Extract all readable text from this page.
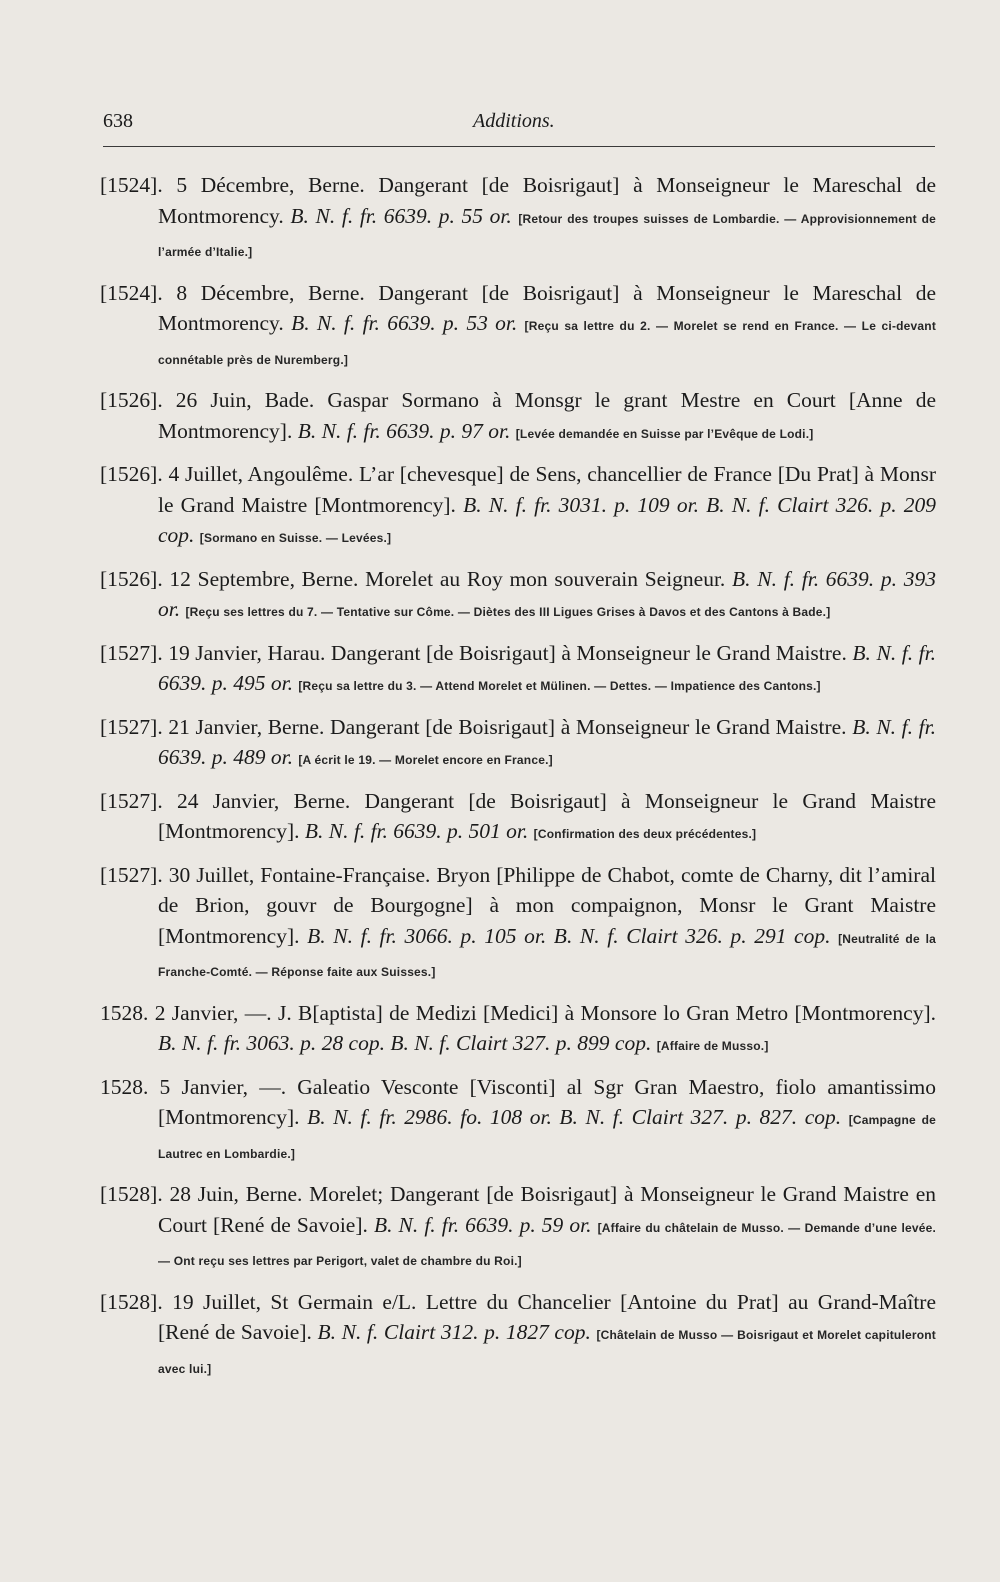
638	Additions.

[1524]. 5 Décembre, Berne. Dangerant [de Boisrigaut] à Monseigneur le Mareschal de Montmorency. B. N. f. fr. 6639. p. 55 or. [Retour des troupes suisses de Lombardie. — Approvisionnement de l’armée d’Italie.]

[1524]. 8 Décembre, Berne. Dangerant [de Boisrigaut] à Monseigneur le Mareschal de Montmorency. B. N. f. fr. 6639. p. 53 or. [Reçu sa lettre du 2. — Morelet se rend en France. — Le ci-devant connétable près de Nuremberg.]

[1526]. 26 Juin, Bade. Gaspar Sormano à Monsgr le grant Mestre en Court [Anne de Montmorency]. B. N. f. fr. 6639. p. 97 or. [Levée demandée en Suisse par l’Evêque de Lodi.]

[1526]. 4 Juillet, Angoulême. L’ar [chevesque] de Sens, chancellier de France [Du Prat] à Monsr le Grand Maistre [Montmorency]. B. N. f. fr. 3031. p. 109 or. B. N. f. Clairt 326. p. 209 cop. [Sormano en Suisse. — Levées.]

[1526]. 12 Septembre, Berne. Morelet au Roy mon souverain Seigneur. B. N. f. fr. 6639. p. 393 or. [Reçu ses lettres du 7. — Tentative sur Côme. — Diètes des III Ligues Grises à Davos et des Cantons à Bade.]

[1527]. 19 Janvier, Harau. Dangerant [de Boisrigaut] à Monseigneur le Grand Maistre. B. N. f. fr. 6639. p. 495 or. [Reçu sa lettre du 3. — Attend Morelet et Mülinen. — Dettes. — Impatience des Cantons.]

[1527]. 21 Janvier, Berne. Dangerant [de Boisrigaut] à Monseigneur le Grand Maistre. B. N. f. fr. 6639. p. 489 or. [A écrit le 19. — Morelet encore en France.]

[1527]. 24 Janvier, Berne. Dangerant [de Boisrigaut] à Monseigneur le Grand Maistre [Montmorency]. B. N. f. fr. 6639. p. 501 or. [Confirmation des deux précédentes.]

[1527]. 30 Juillet, Fontaine-Française. Bryon [Philippe de Chabot, comte de Charny, dit l’amiral de Brion, gouvr de Bourgogne] à mon compaignon, Monsr le Grant Maistre [Montmorency]. B. N. f. fr. 3066. p. 105 or. B. N. f. Clairt 326. p. 291 cop. [Neutralité de la Franche-Comté. — Réponse faite aux Suisses.]

1528. 2 Janvier, —. J. B[aptista] de Medizi [Medici] à Monsore lo Gran Metro [Montmorency]. B. N. f. fr. 3063. p. 28 cop. B. N. f. Clairt 327. p. 899 cop. [Affaire de Musso.]

1528. 5 Janvier, —. Galeatio Vesconte [Visconti] al Sgr Gran Maestro, fiolo amantissimo [Montmorency]. B. N. f. fr. 2986. fo. 108 or. B. N. f. Clairt 327. p. 827. cop. [Campagne de Lautrec en Lombardie.]

[1528]. 28 Juin, Berne. Morelet; Dangerant [de Boisrigaut] à Monseigneur le Grand Maistre en Court [René de Savoie]. B. N. f. fr. 6639. p. 59 or. [Affaire du châtelain de Musso. — Demande d’une levée. — Ont reçu ses lettres par Perigort, valet de chambre du Roi.]

[1528]. 19 Juillet, St Germain e/L. Lettre du Chancelier [Antoine du Prat] au Grand-Maître [René de Savoie]. B. N. f. Clairt 312. p. 1827 cop. [Châtelain de Musso — Boisrigaut et Morelet capituleront avec lui.]
